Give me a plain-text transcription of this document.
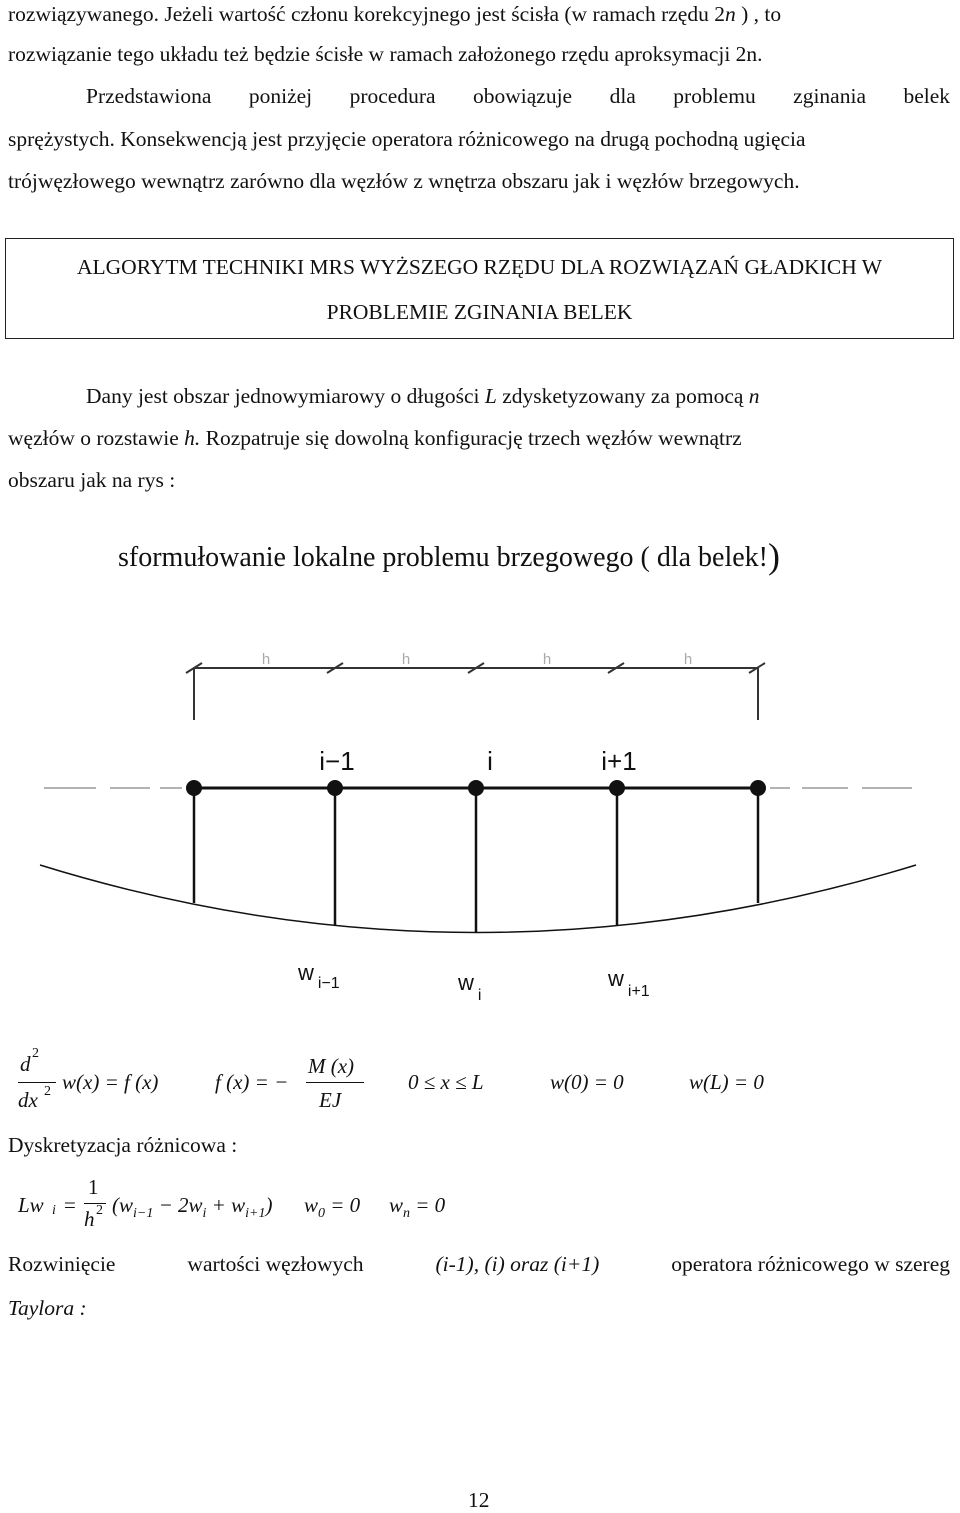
rozwiązywanego. Jeżeli wartość członu korekcyjnego jest ścisła (w ramach rzędu 2n ) , to
rozwiązanie tego układu też będzie ścisłe w ramach założonego rzędu aproksymacji 2n.
Przedstawiona poniżej procedura obowiązuje dla problemu zginania belek
sprężystych. Konsekwencją jest przyjęcie operatora różnicowego na drugą pochodną ugięcia
trójwęzłowego wewnątrz zarówno dla węzłów z wnętrza obszaru jak i węzłów brzegowych.
ALGORYTM TECHNIKI MRS WYŻSZEGO RZĘDU DLA ROZWIĄZAŃ GŁADKICH W
PROBLEMIE ZGINANIA BELEK
Dany jest obszar jednowymiarowy o długości L zdysketyzowany za pomocą n
węzłów o rozstawie h. Rozpatruje się dowolną konfigurację trzech węzłów wewnątrz
obszaru jak na rys :
sformułowanie lokalne problemu brzegowego ( dla belek!)
h	h	h	h
i−1	i	i+1
w $_{i-1}$	$w_i$
$w_{i+1}$
d 2
dx 2 w(x) = f (x)	f (x) = −
M (x)
EJ
0 ≤ x ≤ L	w(0) = 0	w(L) = 0
Dyskretyzacja różnicowa :
Lw i =
1
h 2 $(w_{i-1} - 2w_i + w_{i+1}) w_0 = 0$ $w_n = 0$
Rozwinięcie	wartości węzłowych	(i-1), (i) oraz (i+1)	operatora różnicowego w szereg
Taylora :
12
